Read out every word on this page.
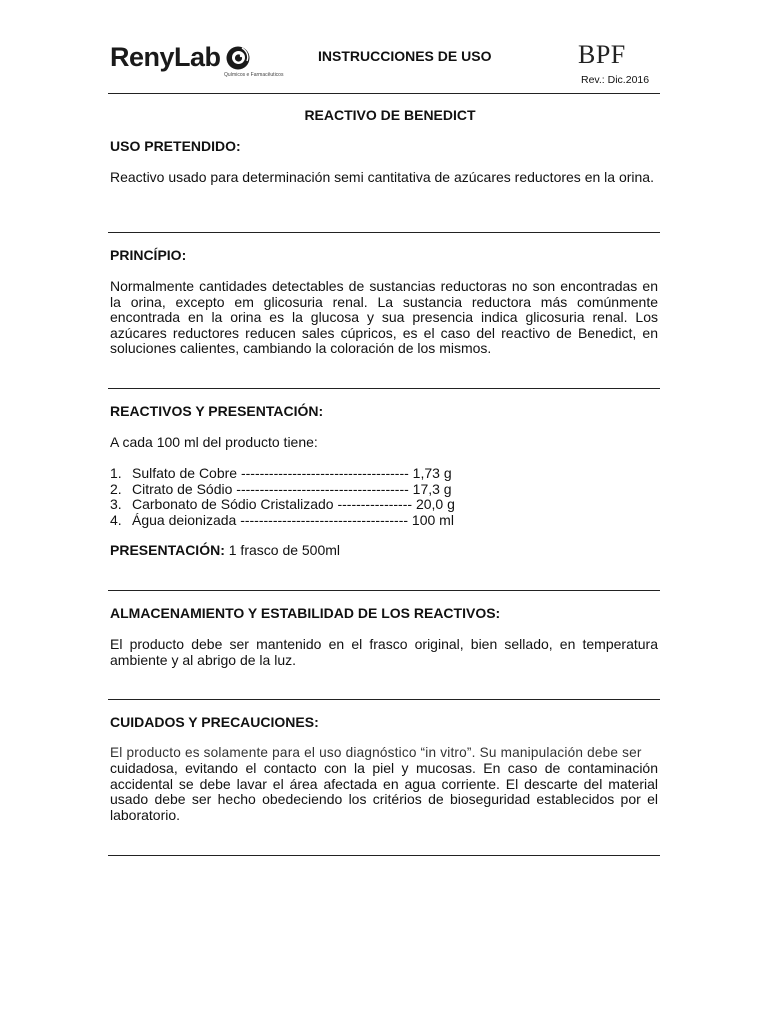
RenyLab
Químicos e Farmacêuticos
INSTRUCCIONES DE USO	BPF
Rev.: Dic.2016
REACTIVO DE BENEDICT
USO PRETENDIDO:
Reactivo usado para determinación semi cantitativa de azúcares reductores en la orina.
PRINCÍPIO:
Normalmente cantidades detectables de sustancias reductoras no son encontradas en la orina, excepto em glicosuria renal. La sustancia reductora más comúnmente encontrada en la orina es la glucosa y sua presencia indica glicosuria renal. Los azúcares reductores reducen sales cúpricos, es el caso del reactivo de Benedict, en soluciones calientes, cambiando la coloración de los mismos.
REACTIVOS Y PRESENTACIÓN:
A cada 100 ml del producto tiene:
1. Sulfato de Cobre ------------------------------------ 1,73 g
2. Citrato de Sódio ------------------------------------- 17,3 g
3. Carbonato de Sódio Cristalizado ---------------- 20,0 g
4. Água deionizada ------------------------------------ 100 ml
PRESENTACIÓN: 1 frasco de 500ml
ALMACENAMIENTO Y ESTABILIDAD DE LOS REACTIVOS:
El producto debe ser mantenido en el frasco original, bien sellado, en temperatura ambiente y al abrigo de la luz.
CUIDADOS Y PRECAUCIONES:
El producto es solamente para el uso diagnóstico “in vitro”. Su manipulación debe ser
cuidadosa, evitando el contacto con la piel y mucosas. En caso de contaminación accidental se debe lavar el área afectada en agua corriente. El descarte del material usado debe ser hecho obedeciendo los critérios de bioseguridad establecidos por el laboratorio.
